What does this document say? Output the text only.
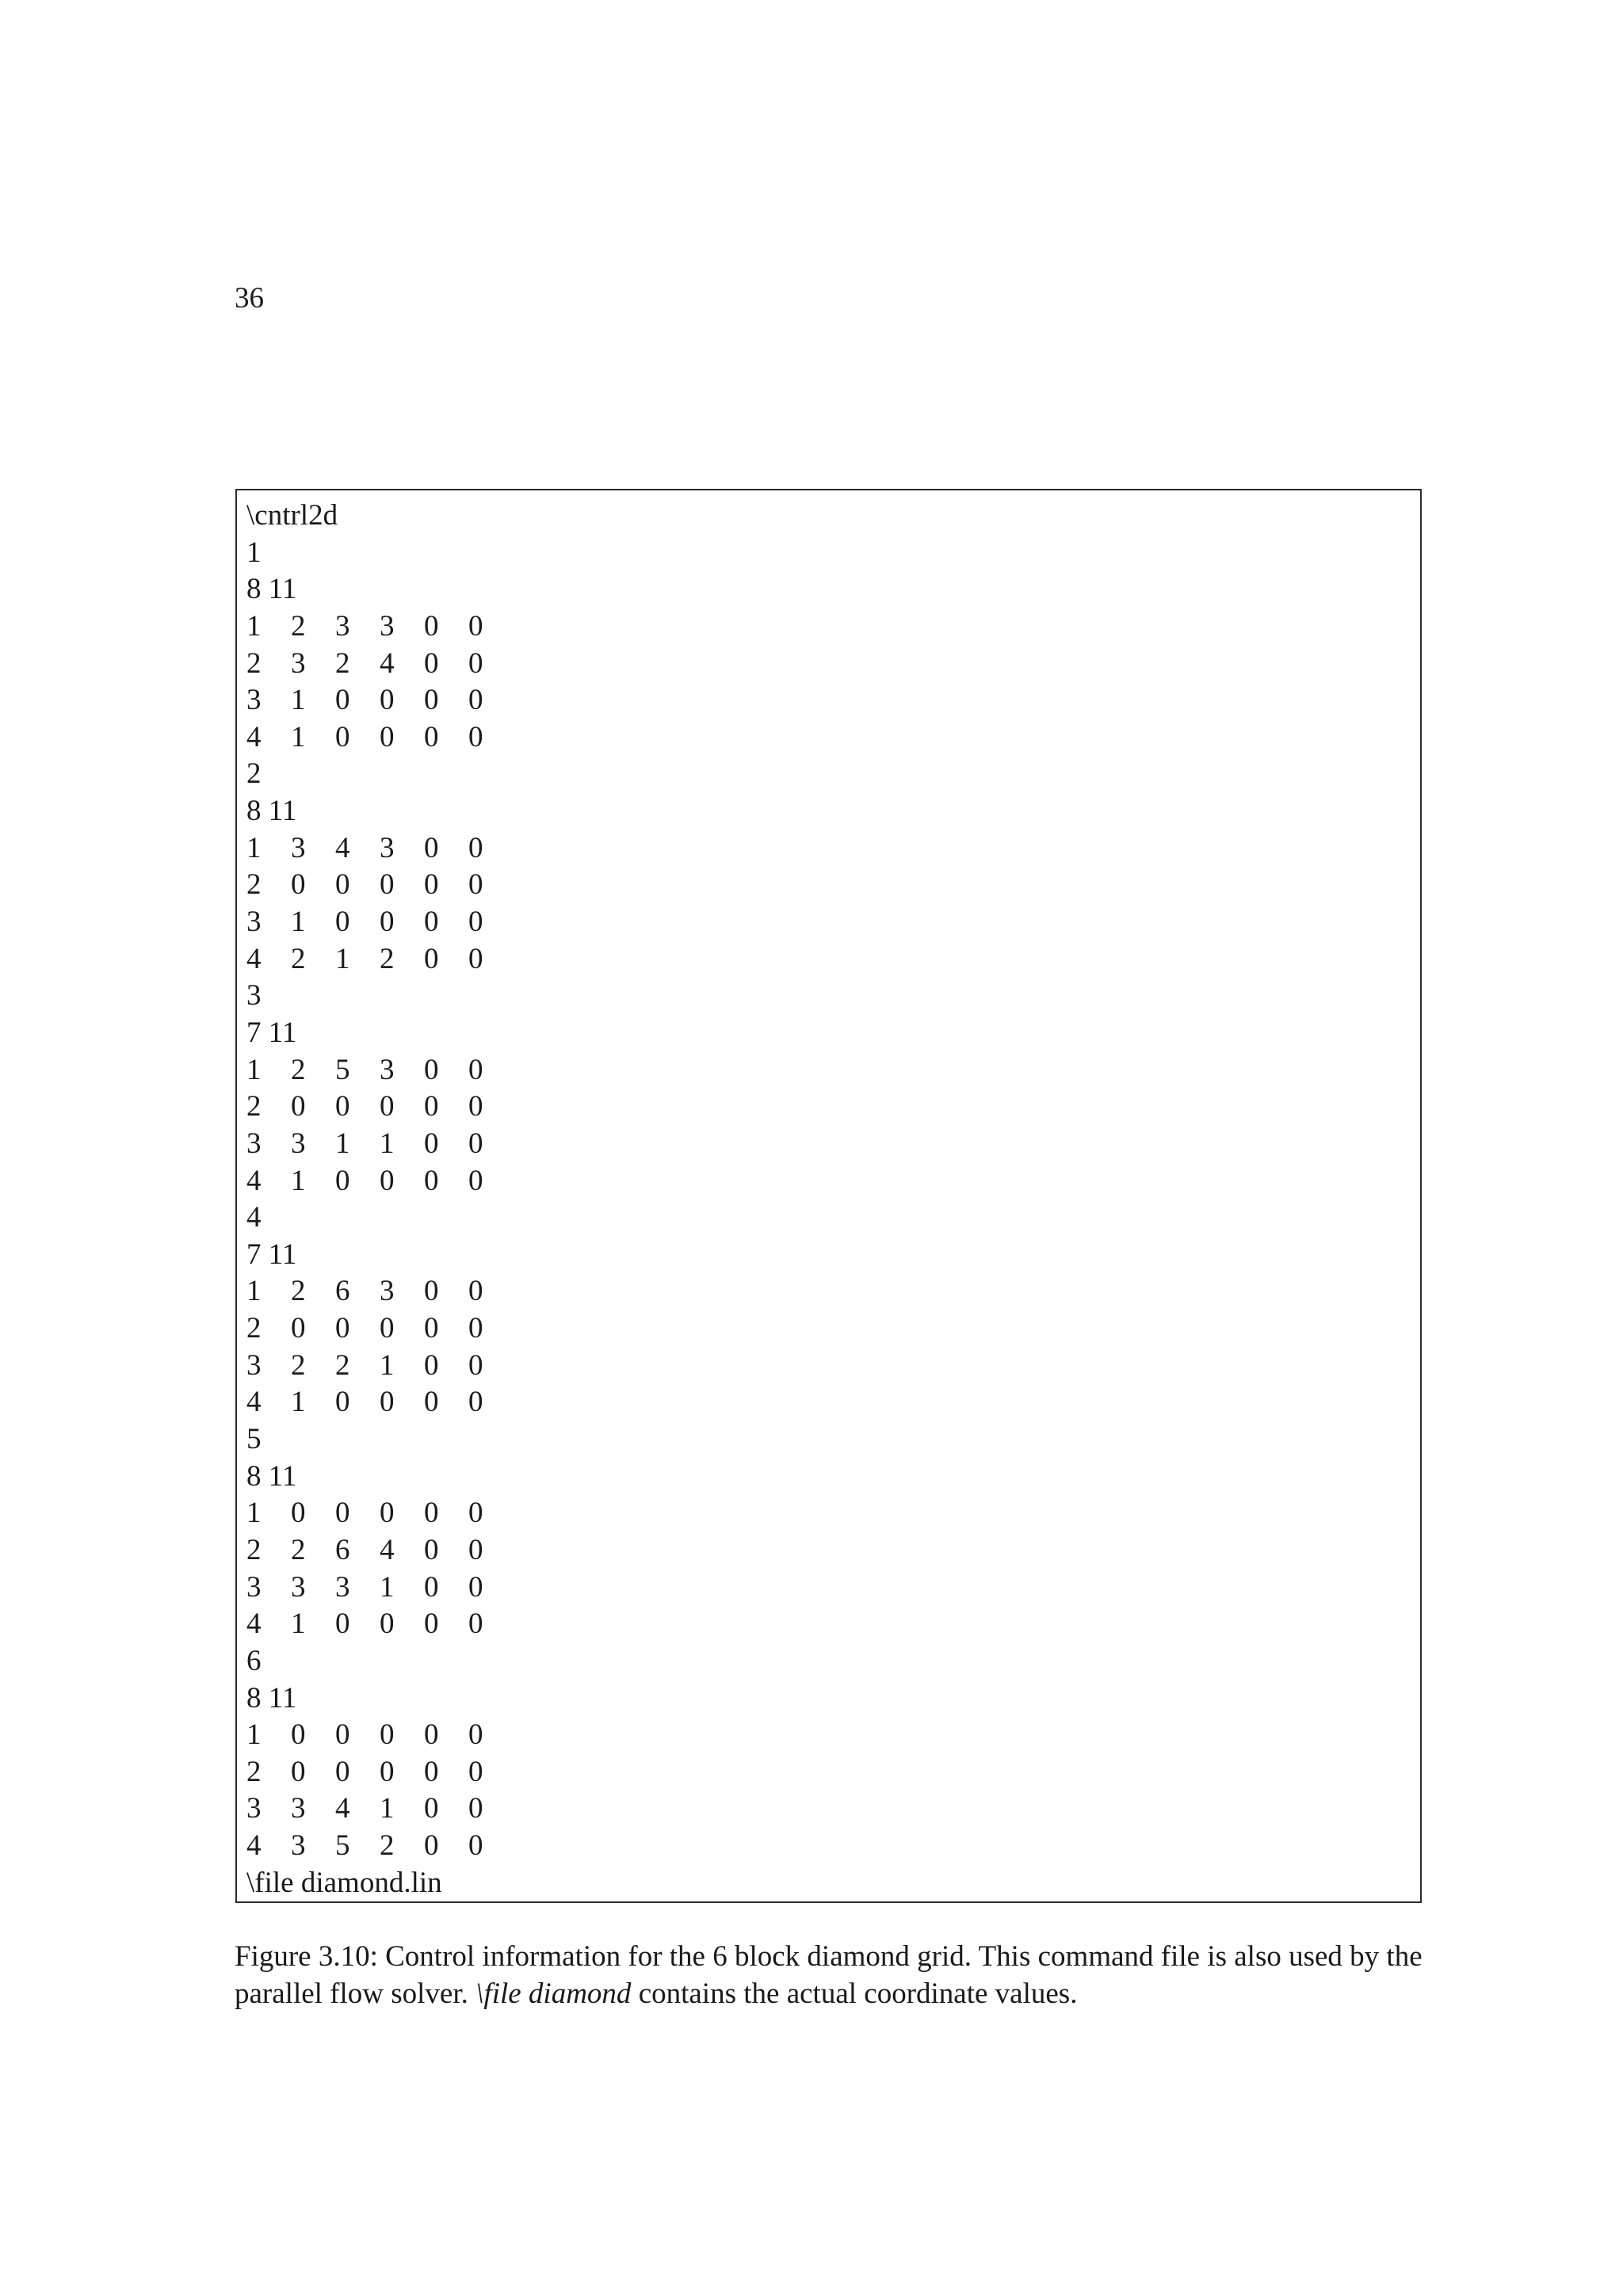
36
\cntrl2d
1
8 11
1 2 3 3 0 0
2 3 2 4 0 0
3 1 0 0 0 0
4 1 0 0 0 0
2
8 11
1 3 4 3 0 0
2 0 0 0 0 0
3 1 0 0 0 0
4 2 1 2 0 0
3
7 11
1 2 5 3 0 0
2 0 0 0 0 0
3 3 1 1 0 0
4 1 0 0 0 0
4
7 11
1 2 6 3 0 0
2 0 0 0 0 0
3 2 2 1 0 0
4 1 0 0 0 0
5
8 11
1 0 0 0 0 0
2 2 6 4 0 0
3 3 3 1 0 0
4 1 0 0 0 0
6
8 11
1 0 0 0 0 0
2 0 0 0 0 0
3 3 4 1 0 0
4 3 5 2 0 0
\file diamond.lin
Figure 3.10: Control information for the 6 block diamond grid. This command file is also used by the parallel flow solver. \file diamond contains the actual coordinate values.
